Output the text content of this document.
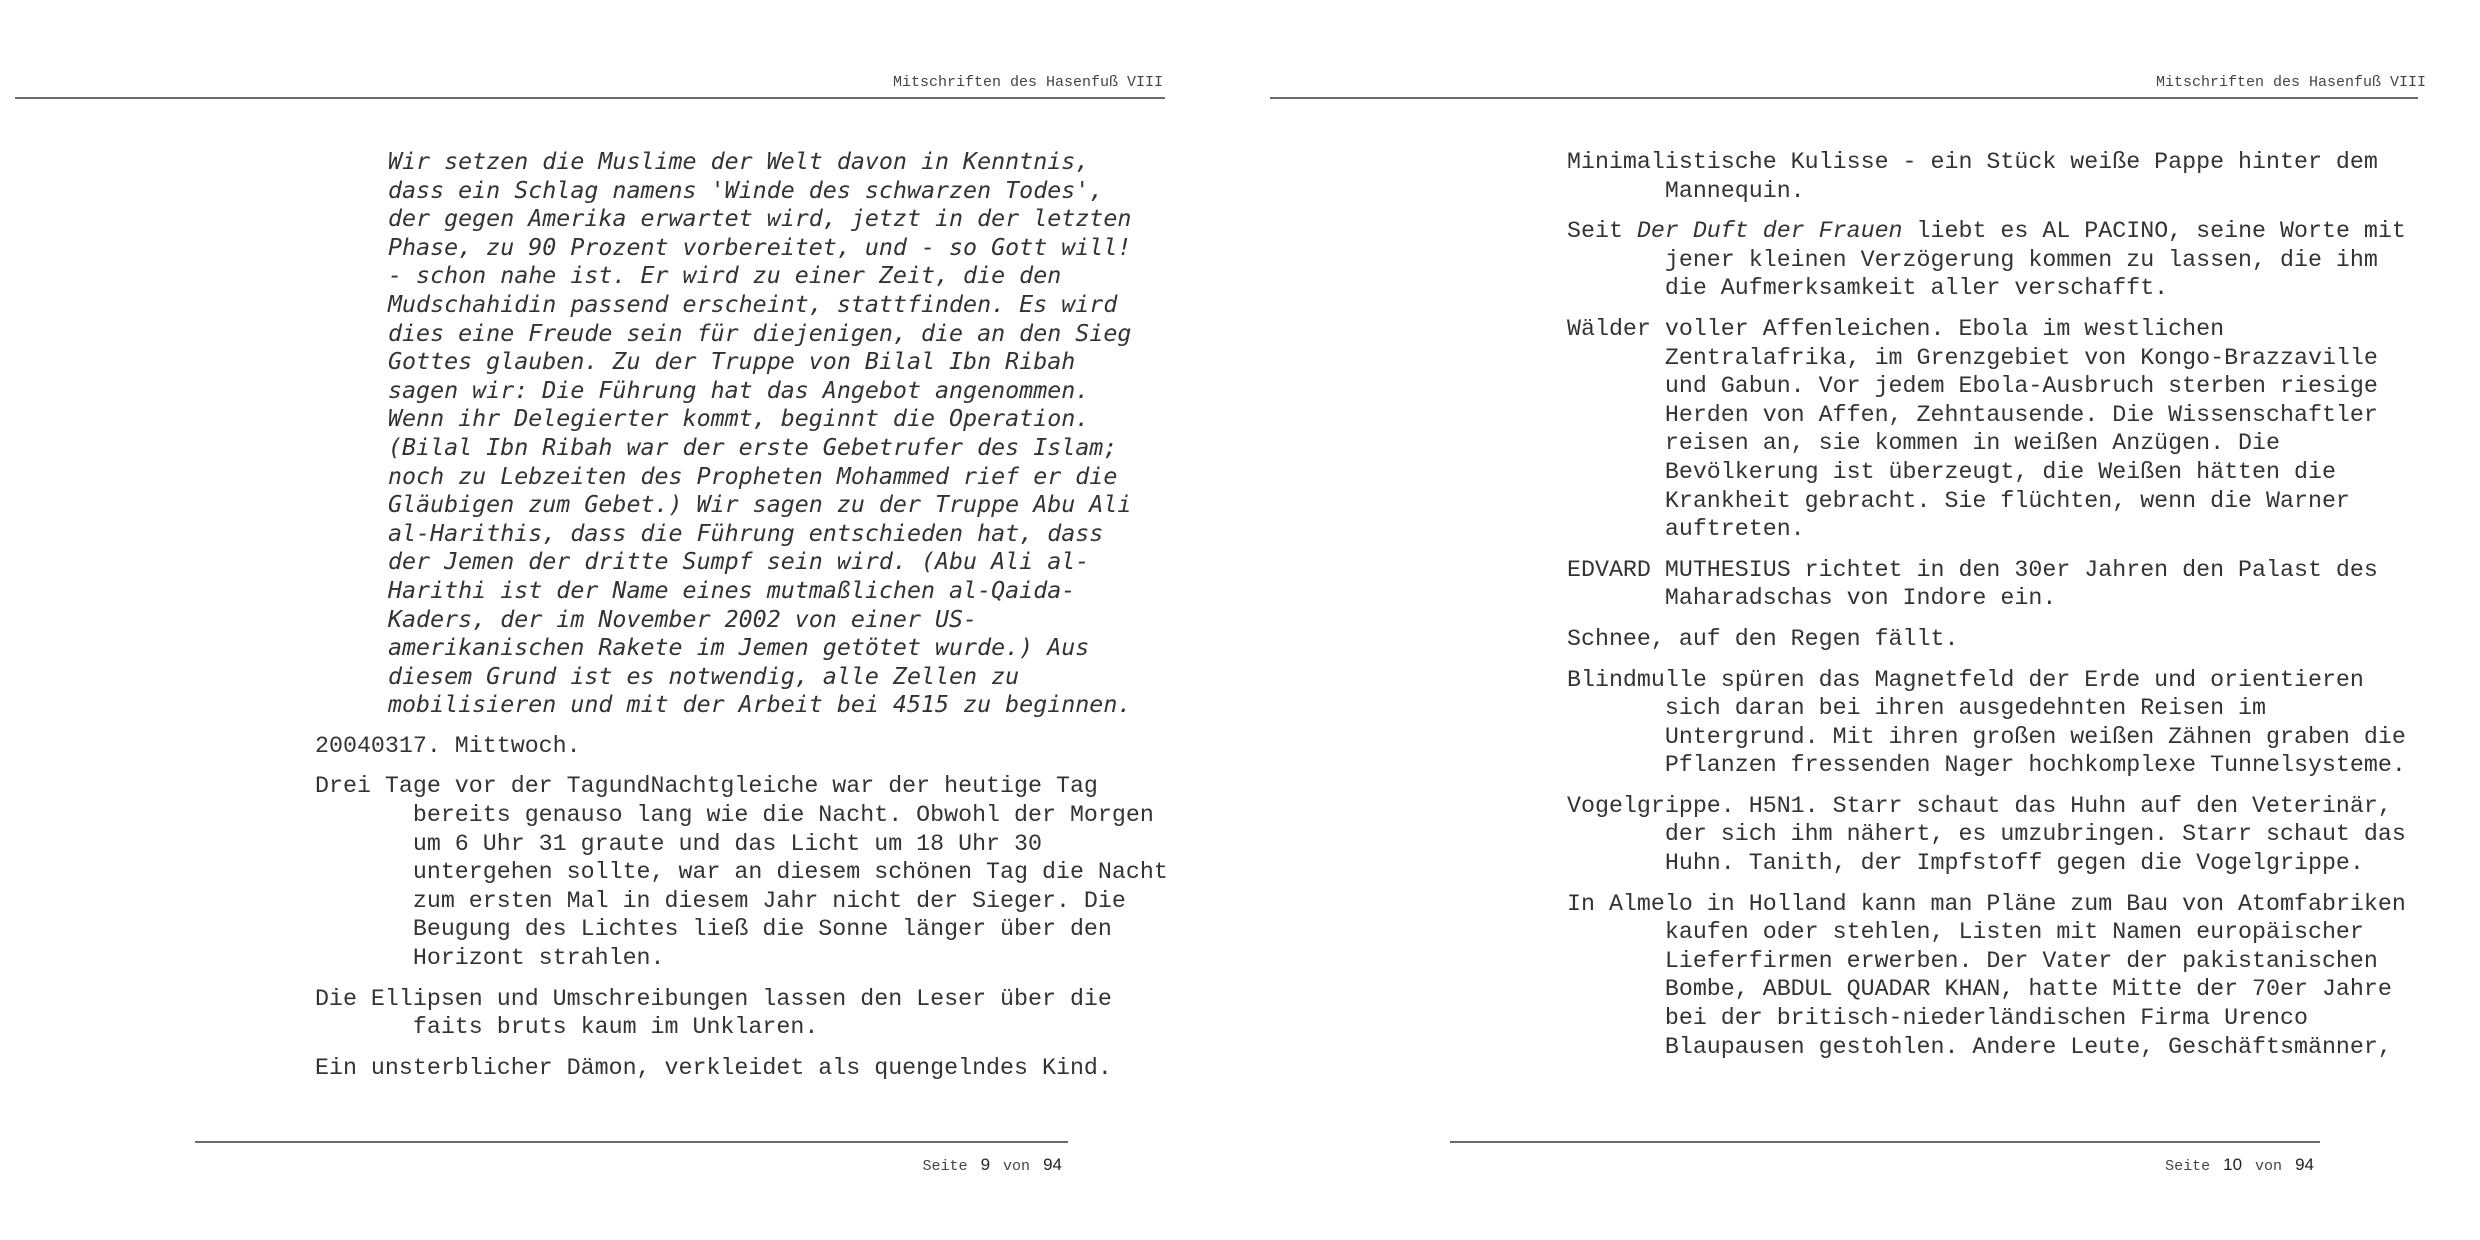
Mitschriften des Hasenfuß VIII
Wir setzen die Muslime der Welt davon in Kenntnis,
dass ein Schlag namens 'Winde des schwarzen Todes',
der gegen Amerika erwartet wird, jetzt in der letzten
Phase, zu 90 Prozent vorbereitet, und - so Gott will!
- schon nahe ist. Er wird zu einer Zeit, die den
Mudschahidin passend erscheint, stattfinden. Es wird
dies eine Freude sein für diejenigen, die an den Sieg
Gottes glauben. Zu der Truppe von Bilal Ibn Ribah
sagen wir: Die Führung hat das Angebot angenommen.
Wenn ihr Delegierter kommt, beginnt die Operation.
(Bilal Ibn Ribah war der erste Gebetrufer des Islam;
noch zu Lebzeiten des Propheten Mohammed rief er die
Gläubigen zum Gebet.) Wir sagen zu der Truppe Abu Ali
al-Harithis, dass die Führung entschieden hat, dass
der Jemen der dritte Sumpf sein wird. (Abu Ali al-
Harithi ist der Name eines mutmaßlichen al-Qaida-
Kaders, der im November 2002 von einer US-
amerikanischen Rakete im Jemen getötet wurde.) Aus
diesem Grund ist es notwendig, alle Zellen zu
mobilisieren und mit der Arbeit bei 4515 zu beginnen.
20040317. Mittwoch.
Drei Tage vor der TagundNachtgleiche war der heutige Tag
bereits genauso lang wie die Nacht. Obwohl der Morgen
um 6 Uhr 31 graute und das Licht um 18 Uhr 30
untergehen sollte, war an diesem schönen Tag die Nacht
zum ersten Mal in diesem Jahr nicht der Sieger. Die
Beugung des Lichtes ließ die Sonne länger über den
Horizont strahlen.
Die Ellipsen und Umschreibungen lassen den Leser über die
faits bruts kaum im Unklaren.
Ein unsterblicher Dämon, verkleidet als quengelndes Kind.
Seite 9 von 94
Mitschriften des Hasenfuß VIII
Minimalistische Kulisse - ein Stück weiße Pappe hinter dem
Mannequin.
Seit Der Duft der Frauen liebt es AL PACINO, seine Worte mit
jener kleinen Verzögerung kommen zu lassen, die ihm
die Aufmerksamkeit aller verschafft.
Wälder voller Affenleichen. Ebola im westlichen
Zentralafrika, im Grenzgebiet von Kongo-Brazzaville
und Gabun. Vor jedem Ebola-Ausbruch sterben riesige
Herden von Affen, Zehntausende. Die Wissenschaftler
reisen an, sie kommen in weißen Anzügen. Die
Bevölkerung ist überzeugt, die Weißen hätten die
Krankheit gebracht. Sie flüchten, wenn die Warner
auftreten.
EDVARD MUTHESIUS richtet in den 30er Jahren den Palast des
Maharadschas von Indore ein.
Schnee, auf den Regen fällt.
Blindmulle spüren das Magnetfeld der Erde und orientieren
sich daran bei ihren ausgedehnten Reisen im
Untergrund. Mit ihren großen weißen Zähnen graben die
Pflanzen fressenden Nager hochkomplexe Tunnelsysteme.
Vogelgrippe. H5N1. Starr schaut das Huhn auf den Veterinär,
der sich ihm nähert, es umzubringen. Starr schaut das
Huhn. Tanith, der Impfstoff gegen die Vogelgrippe.
In Almelo in Holland kann man Pläne zum Bau von Atomfabriken
kaufen oder stehlen, Listen mit Namen europäischer
Lieferfirmen erwerben. Der Vater der pakistanischen
Bombe, ABDUL QUADAR KHAN, hatte Mitte der 70er Jahre
bei der britisch-niederländischen Firma Urenco
Blaupausen gestohlen. Andere Leute, Geschäftsmänner,
Seite 10 von 94
